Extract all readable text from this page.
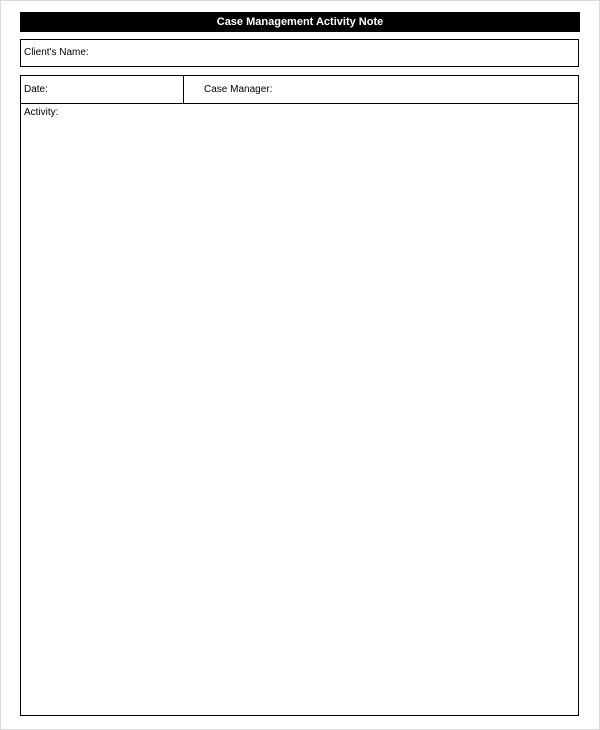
Case Management Activity Note
Client's Name:
Date:	Case Manager:
Activity:
